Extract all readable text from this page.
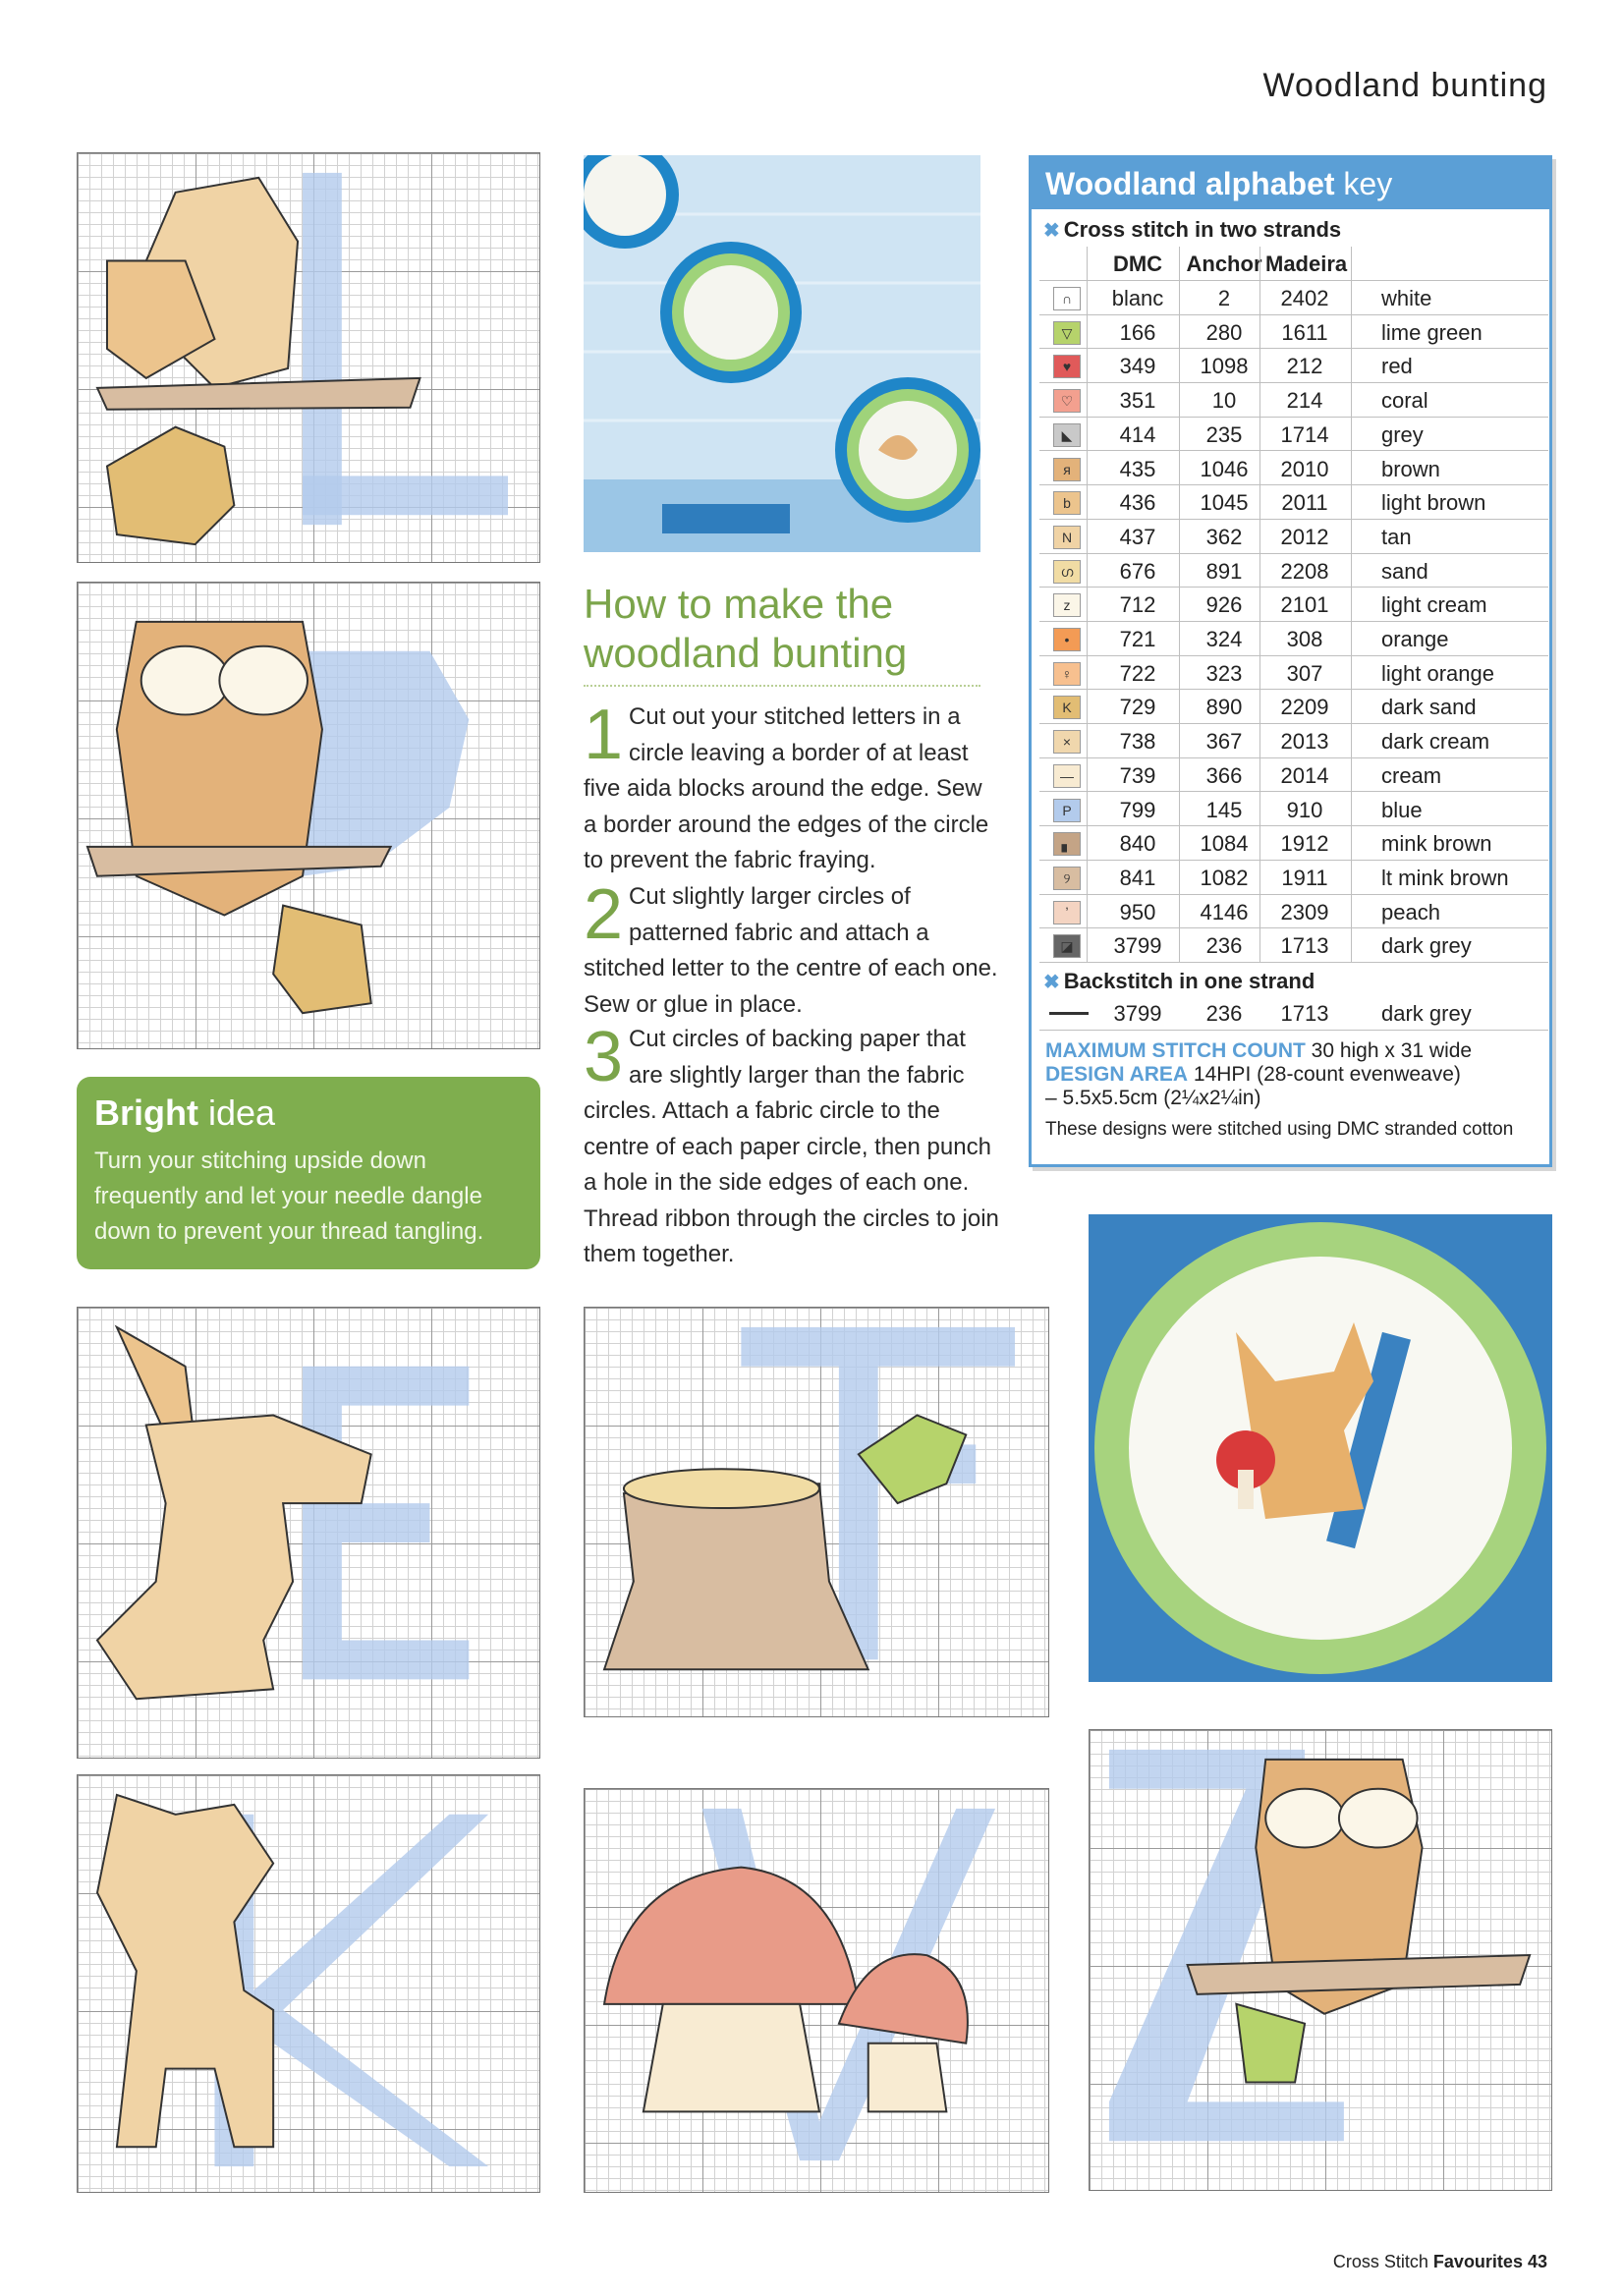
Woodland bunting
How to make the
woodland bunting
1 Cut out your stitched letters in a circle leaving a border of at least five aida blocks around the edge. Sew a border around the edges of the circle to prevent the fabric fraying.
2 Cut slightly larger circles of patterned fabric and attach a stitched letter to the centre of each one. Sew or glue in place.
3 Cut circles of backing paper that are slightly larger than the fabric circles. Attach a fabric circle to the centre of each paper circle, then punch a hole in the side edges of each one. Thread ribbon through the circles to join them together.
Bright idea

Turn your stitching upside down frequently and let your needle dangle down to prevent your thread tangling.

Woodland alphabet key
✖ Cross stitch in two strands
DMC	Anchor Madeira
∩	blanc	2	2402	white
▽	166	280	1611	lime green
♥	349	1098	212	red
♡	351	10	214	coral
◣	414	235	1714	grey
я	435	1046	2010	brown
b	436	1045	2011	light brown
N	437	362	2012	tan
ഗ	676	891	2208	sand
z	712	926	2101	light cream
•	721	324	308	orange
♀	722	323	307	light orange
K	729	890	2209	dark sand
×	738	367	2013	dark cream
—	739	366	2014	cream
P	799	145	910	blue
▖	840	1084	1912	mink brown
୨	841	1082	1911	lt mink brown
ʼ	950	4146	2309	peach
◪	3799	236	1713	dark grey
✖ Backstitch in one strand
3799	236	1713	dark grey
MAXIMUM STITCH COUNT 30 high x 31 wide
DESIGN AREA 14HPI (28-count evenweave)
– 5.5x5.5cm (2¼x2¼in)
These designs were stitched using DMC stranded cotton
Cross Stitch Favourites 43
